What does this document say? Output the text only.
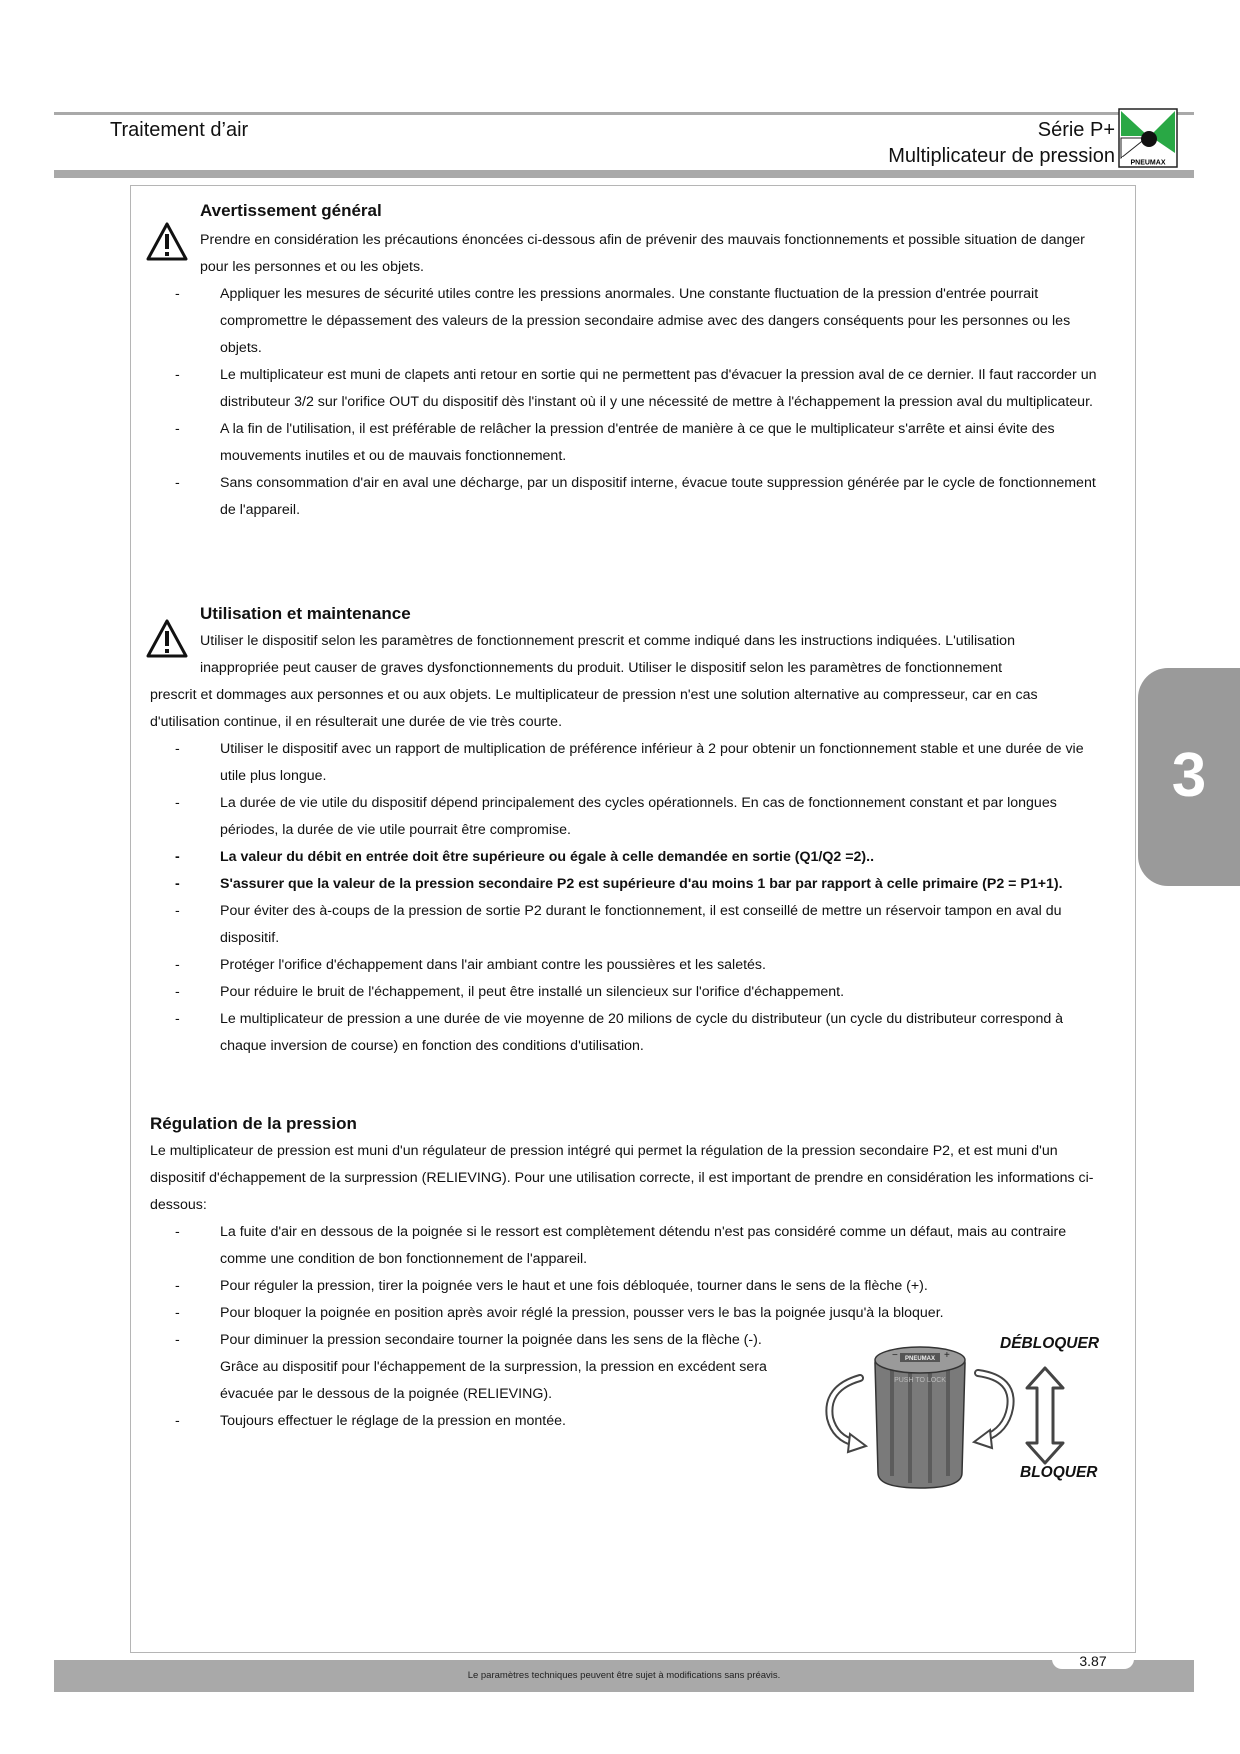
Traitement d’air	Série P+
Multiplicateur de pression PNEUMAX
Avertissement général
Prendre en considération les précautions énoncées ci-dessous afin de prévenir des mauvais fonctionnements et possible situation de danger pour les personnes et ou les objets.
-	Appliquer les mesures de sécurité utiles contre les pressions anormales. Une constante fluctuation de la pression d'entrée pourrait compromettre le dépassement des valeurs de la pression secondaire admise avec des dangers conséquents pour les personnes ou les objets.
-	Le multiplicateur est muni de clapets anti retour en sortie qui ne permettent pas d'évacuer la pression aval de ce dernier. Il faut raccorder un distributeur 3/2 sur l'orifice OUT du dispositif dès l'instant où il y une nécessité de mettre à l'échappement la pression aval du multiplicateur.
-	A la fin de l'utilisation, il est préférable de relâcher la pression d'entrée de manière à ce que le multiplicateur s'arrête et ainsi évite des mouvements inutiles et ou de mauvais fonctionnement.
-	Sans consommation d'air en aval une décharge, par un dispositif interne, évacue toute suppression générée par le cycle de fonctionnement de l'appareil.
Utilisation et maintenance
Utiliser le dispositif selon les paramètres de fonctionnement prescrit et comme indiqué dans les instructions indiquées. L'utilisation
inappropriée peut causer de graves dysfonctionnements du produit. Utiliser le dispositif selon les paramètres de fonctionnement
prescrit et dommages aux personnes et ou aux objets. Le multiplicateur de pression n'est une solution alternative au compresseur, car en cas d'utilisation continue, il en résulterait une durée de vie très courte.
-	Utiliser le dispositif avec un rapport de multiplication de préférence inférieur à 2 pour obtenir un fonctionnement stable et une durée de vie utile plus longue.
-	La durée de vie utile du dispositif dépend principalement des cycles opérationnels. En cas de fonctionnement constant et par longues périodes, la durée de vie utile pourrait être compromise.
-	La valeur du débit en entrée doit être supérieure ou égale à celle demandée en sortie (Q1/Q2 =2)..
-	S'assurer que la valeur de la pression secondaire P2 est supérieure d'au moins 1 bar par rapport à celle primaire (P2 = P1+1).
-	Pour éviter des à-coups de la pression de sortie P2 durant le fonctionnement, il est conseillé de mettre un réservoir tampon en aval du dispositif.
-	Protéger l'orifice d'échappement dans l'air ambiant contre les poussières et les saletés.
-	Pour réduire le bruit de l'échappement, il peut être installé un silencieux sur l'orifice d'échappement.
-	Le multiplicateur de pression a une durée de vie moyenne de 20 milions de cycle du distributeur (un cycle du distributeur correspond à chaque inversion de course) en fonction des conditions d'utilisation.
Régulation de la pression
Le multiplicateur de pression est muni d'un régulateur de pression intégré qui permet la régulation de la pression secondaire P2, et est muni d'un dispositif d'échappement de la surpression (RELIEVING). Pour une utilisation correcte, il est important de prendre en considération les informations ci-dessous:
-	La fuite d'air en dessous de la poignée si le ressort est complètement détendu n'est pas considéré comme un défaut, mais au contraire comme une condition de bon fonctionnement de l'appareil.
-	Pour réguler la pression, tirer la poignée vers le haut et une fois débloquée, tourner dans le sens de la flèche (+).
-	Pour bloquer la poignée en position après avoir réglé la pression, pousser vers le bas la poignée jusqu'à la bloquer.
-	Pour diminuer la pression secondaire tourner la poignée dans les sens de la flèche (-). Grâce au dispositif pour l'échappement de la surpression, la pression en excédent sera évacuée par le dessous de la poignée (RELIEVING).
-	Toujours effectuer le réglage de la pression en montée.
DÉBLOQUER
BLOQUER
PNEUMAX
−	+
PUSH TO LOCK
3
Le paramètres techniques peuvent être sujet à modifications sans préavis.
3.87
